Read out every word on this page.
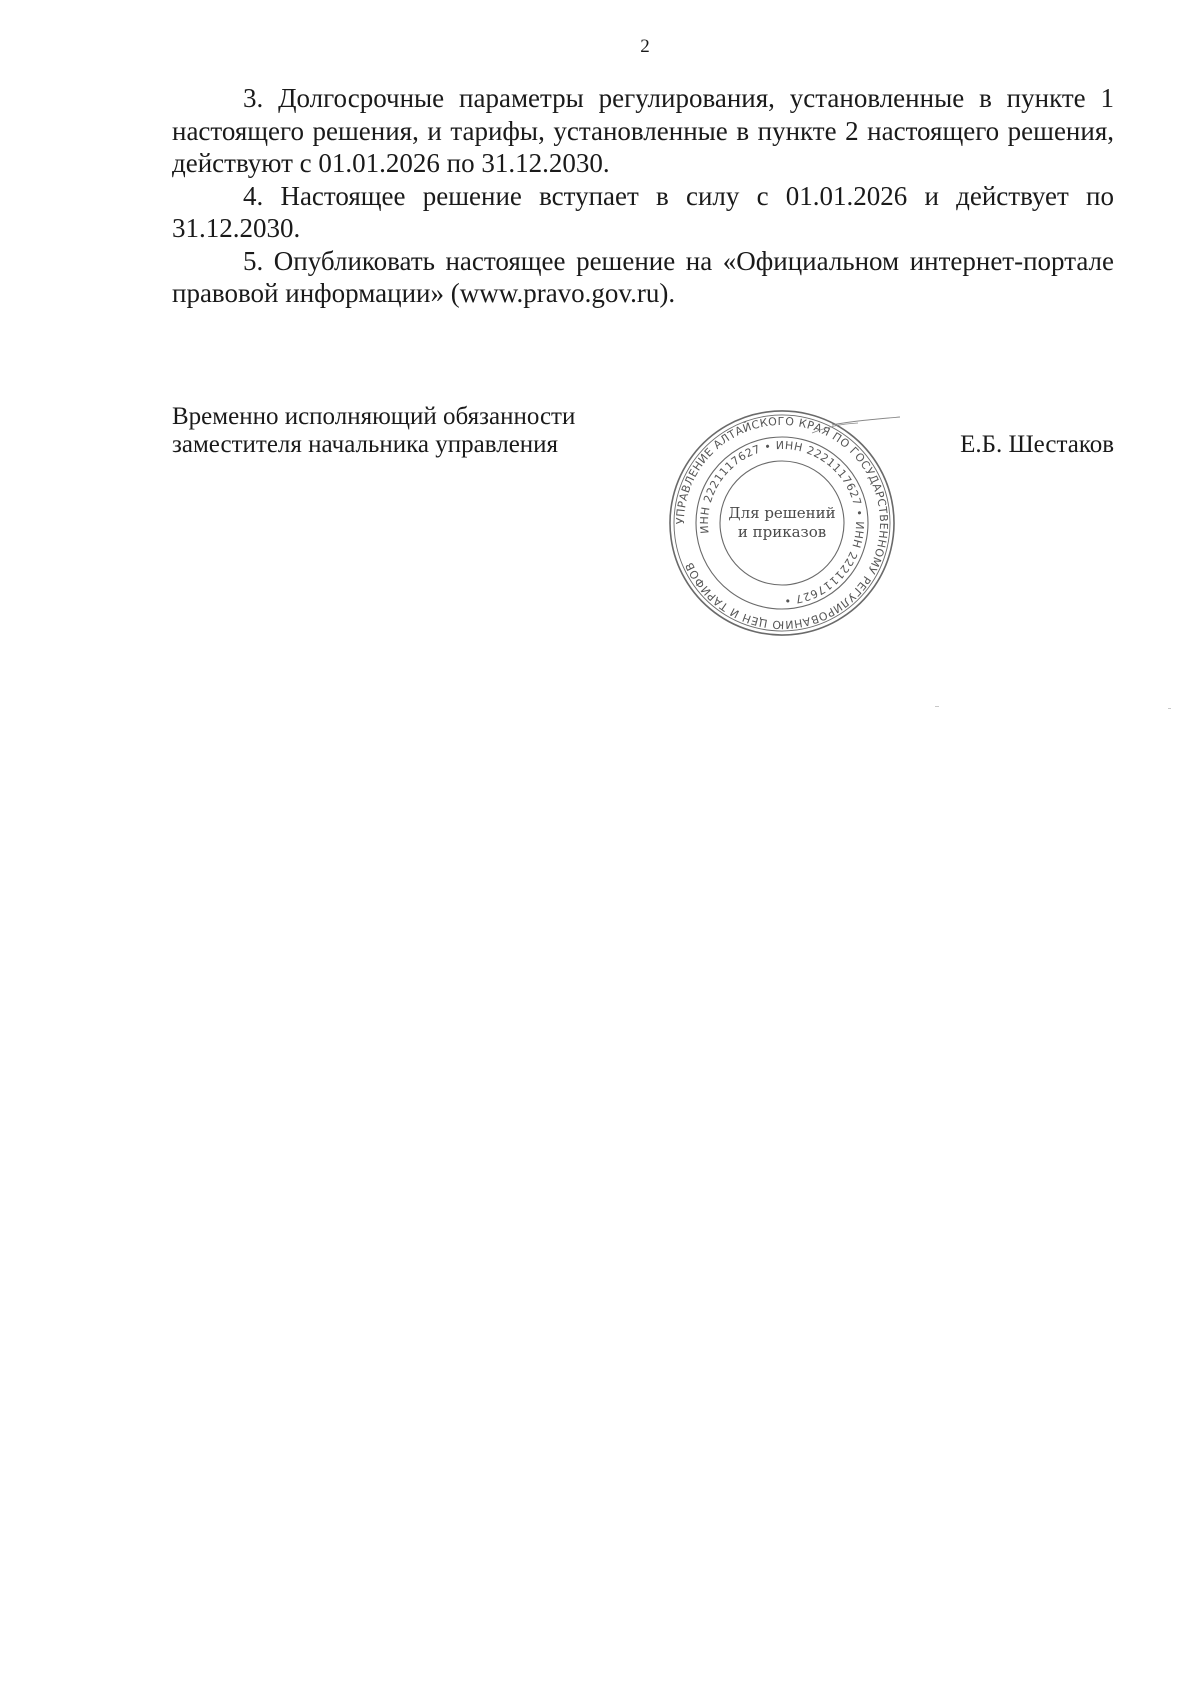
2

3. Долгосрочные параметры регулирования, установленные в пункте 1 настоящего решения, и тарифы, установленные в пункте 2 настоящего решения, действуют с 01.01.2026 по 31.12.2030.

4. Настоящее решение вступает в силу с 01.01.2026 и действует по 31.12.2030.

5. Опубликовать настоящее решение на «Официальном интернет-портале правовой информации» (www.pravo.gov.ru).

Временно исполняющий обязанности
заместителя начальника управления
УПРАВЛЕНИЕ АЛТАЙСКОГО КРАЯ ПО ГОСУДАРСТВЕННОМУ РЕГУЛИРОВАНИЮ ЦЕН И ТАРИФОВ
ИНН 2221117627 • ИНН 2221117627 • ИНН 2221117627 •
Для решений
и приказов
Е.Б. Шестаков
